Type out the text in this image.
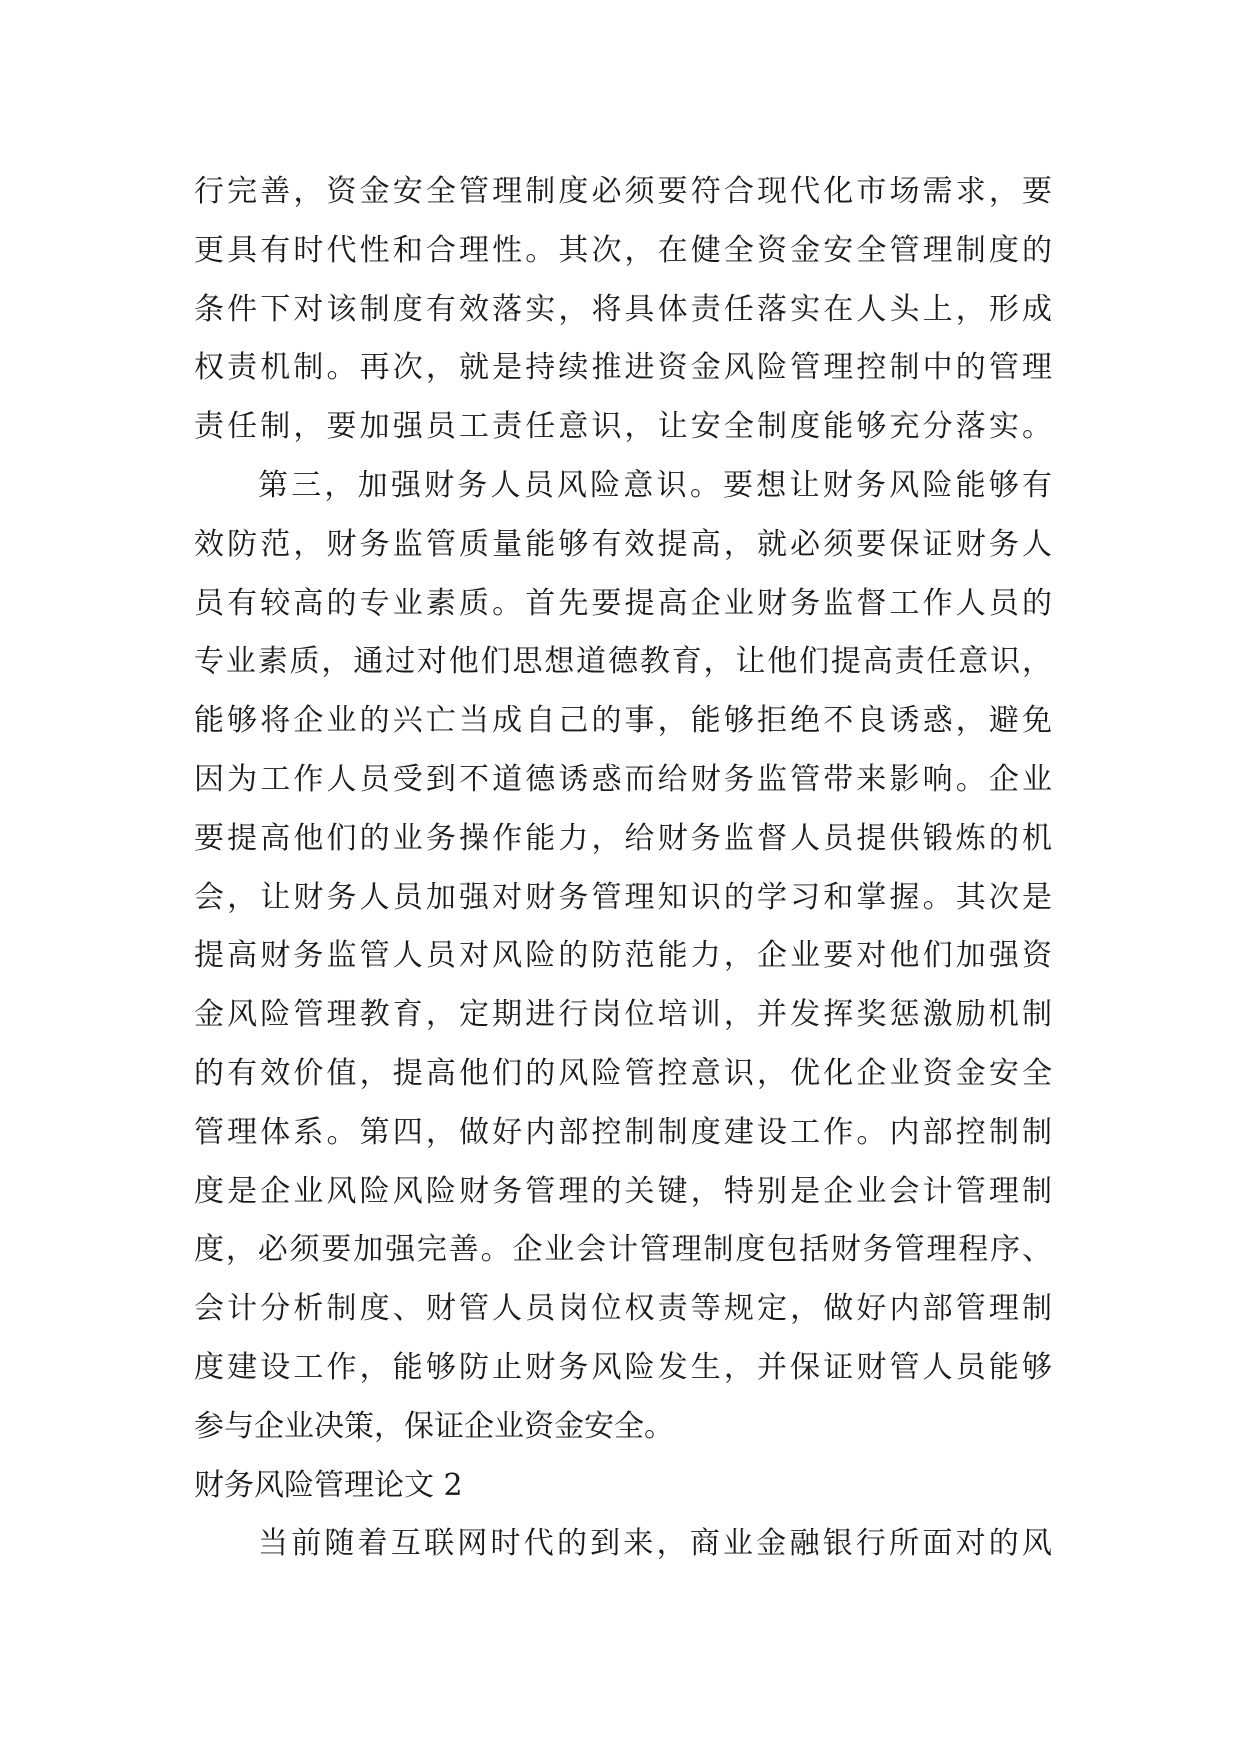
行完善，资金安全管理制度必须要符合现代化市场需求，要
更具有时代性和合理性。其次，在健全资金安全管理制度的
条件下对该制度有效落实，将具体责任落实在人头上，形成
权责机制。再次，就是持续推进资金风险管理控制中的管理
责任制，要加强员工责任意识，让安全制度能够充分落实。
第三，加强财务人员风险意识。要想让财务风险能够有
效防范，财务监管质量能够有效提高，就必须要保证财务人
员有较高的专业素质。首先要提高企业财务监督工作人员的
专业素质，通过对他们思想道德教育，让他们提高责任意识，
能够将企业的兴亡当成自己的事，能够拒绝不良诱惑，避免
因为工作人员受到不道德诱惑而给财务监管带来影响。企业
要提高他们的业务操作能力，给财务监督人员提供锻炼的机
会，让财务人员加强对财务管理知识的学习和掌握。其次是
提高财务监管人员对风险的防范能力，企业要对他们加强资
金风险管理教育，定期进行岗位培训，并发挥奖惩激励机制
的有效价值，提高他们的风险管控意识，优化企业资金安全
管理体系。第四，做好内部控制制度建设工作。内部控制制
度是企业风险风险财务管理的关键，特别是企业会计管理制
度，必须要加强完善。企业会计管理制度包括财务管理程序、
会计分析制度、财管人员岗位权责等规定，做好内部管理制
度建设工作，能够防止财务风险发生，并保证财管人员能够
参与企业决策，保证企业资金安全。
财务风险管理论文 2
当前随着互联网时代的到来，商业金融银行所面对的风
